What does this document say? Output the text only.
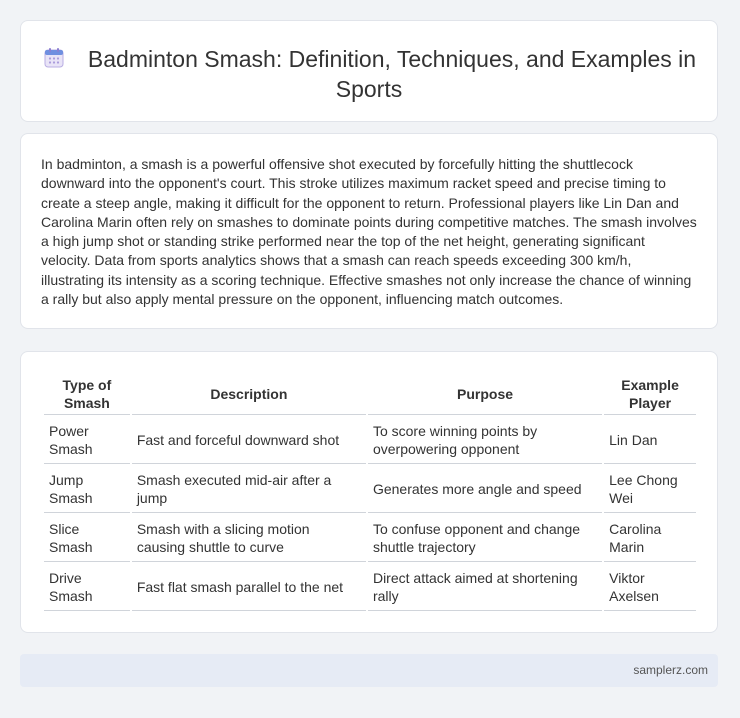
Badminton Smash: Definition, Techniques, and Examples in Sports

In badminton, a smash is a powerful offensive shot executed by forcefully hitting the shuttlecock downward into the opponent's court. This stroke utilizes maximum racket speed and precise timing to create a steep angle, making it difficult for the opponent to return. Professional players like Lin Dan and Carolina Marin often rely on smashes to dominate points during competitive matches. The smash involves a high jump shot or standing strike performed near the top of the net height, generating significant velocity. Data from sports analytics shows that a smash can reach speeds exceeding 300 km/h, illustrating its intensity as a scoring technique. Effective smashes not only increase the chance of winning a rally but also apply mental pressure on the opponent, influencing match outcomes.

Type of Smash	Description	Purpose	Example Player
Power Smash	Fast and forceful downward shot	To score winning points by overpowering opponent	Lin Dan
Jump Smash	Smash executed mid-air after a jump	Generates more angle and speed	Lee Chong Wei
Slice Smash	Smash with a slicing motion causing shuttle to curve	To confuse opponent and change shuttle trajectory	Carolina Marin
Drive Smash	Fast flat smash parallel to the net	Direct attack aimed at shortening rally	Viktor Axelsen
samplerz.com
